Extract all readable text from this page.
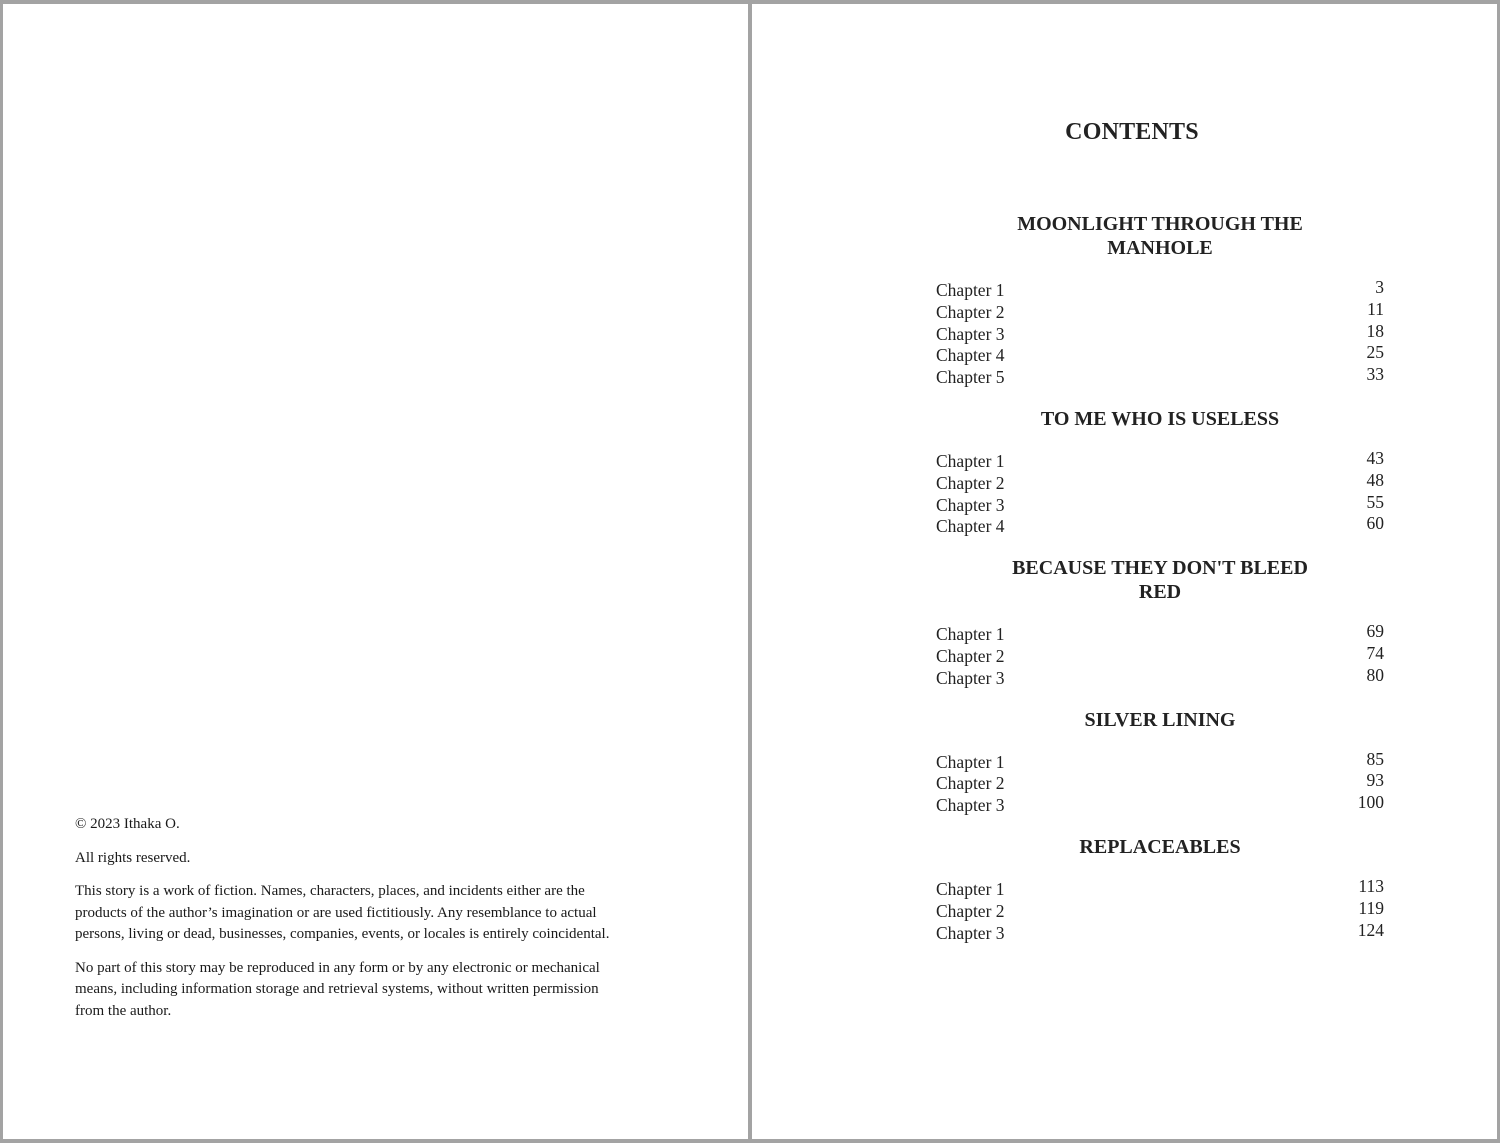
© 2023 Ithaka O.

All rights reserved.

This story is a work of fiction. Names, characters, places, and incidents either are the products of the author’s imagination or are used fictitiously. Any resemblance to actual persons, living or dead, businesses, companies, events, or locales is entirely coincidental.

No part of this story may be reproduced in any form or by any electronic or mechanical means, including information storage and retrieval systems, without written permission from the author.

CONTENTS
MOONLIGHT THROUGH THE MANHOLE
Chapter 1	3
Chapter 2	11
Chapter 3	18
Chapter 4	25
Chapter 5	33
TO ME WHO IS USELESS
Chapter 1	43
Chapter 2	48
Chapter 3	55
Chapter 4	60
BECAUSE THEY DON'T BLEED RED
Chapter 1	69
Chapter 2	74
Chapter 3	80
SILVER LINING
Chapter 1	85
Chapter 2	93
Chapter 3	100
REPLACEABLES
Chapter 1	113
Chapter 2	119
Chapter 3	124
